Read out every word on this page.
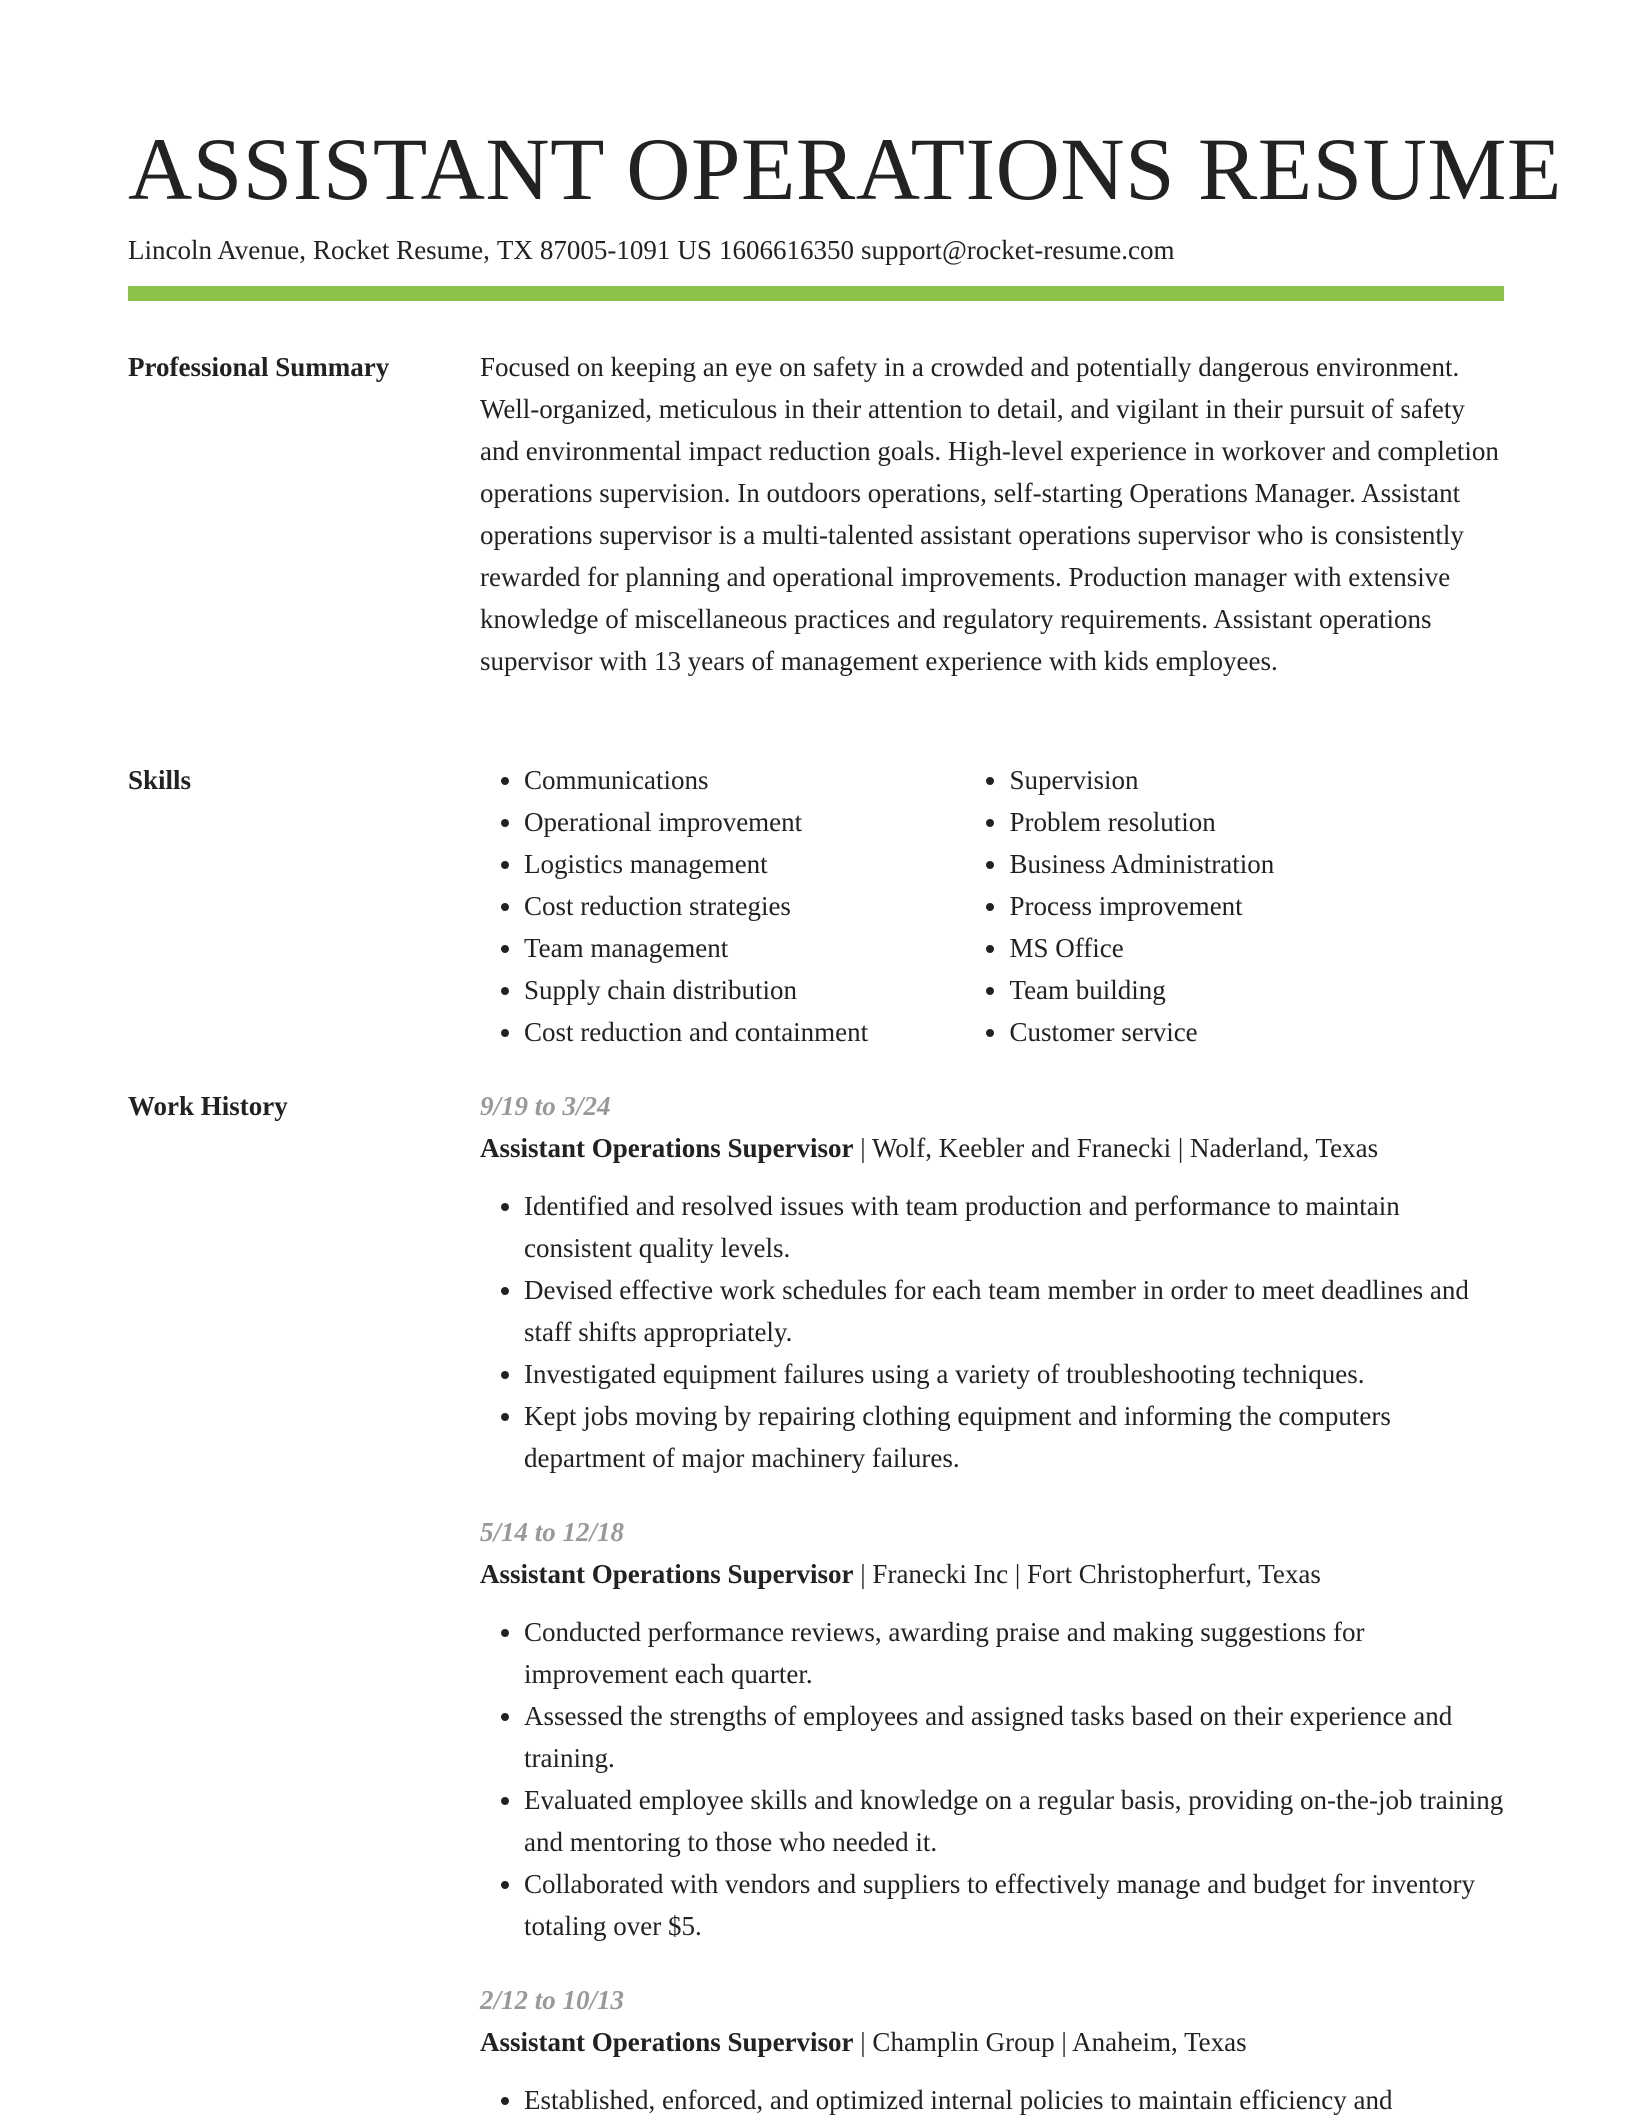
ASSISTANT OPERATIONS RESUME
Lincoln Avenue, Rocket Resume, TX 87005-1091 US 1606616350 support@rocket-resume.com
Professional Summary	Focused on keeping an eye on safety in a crowded and potentially dangerous environment. Well-organized, meticulous in their attention to detail, and vigilant in their pursuit of safety and environmental impact reduction goals. High-level experience in workover and completion operations supervision. In outdoors operations, self-starting Operations Manager. Assistant operations supervisor is a multi-talented assistant operations supervisor who is consistently rewarded for planning and operational improvements. Production manager with extensive knowledge of miscellaneous practices and regulatory requirements. Assistant operations supervisor with 13 years of management experience with kids employees.

Skills
•	Communications
• Operational improvement
• Logistics management
• Cost reduction strategies
• Team management
• Supply chain distribution
• Cost reduction and containment
• Supervision
• Problem resolution
• Business Administration
• Process improvement
• MS Office
• Team building
• Customer service
Work History	9/19 to 3/24
Assistant Operations Supervisor | Wolf, Keebler and Franecki | Naderland, Texas
• Identified and resolved issues with team production and performance to maintain consistent quality levels.
• Devised effective work schedules for each team member in order to meet deadlines and staff shifts appropriately.
• Investigated equipment failures using a variety of troubleshooting techniques.
• Kept jobs moving by repairing clothing equipment and informing the computers department of major machinery failures.
5/14 to 12/18
Assistant Operations Supervisor | Franecki Inc | Fort Christopherfurt, Texas
• Conducted performance reviews, awarding praise and making suggestions for improvement each quarter.
• Assessed the strengths of employees and assigned tasks based on their experience and training.
• Evaluated employee skills and knowledge on a regular basis, providing on-the-job training and mentoring to those who needed it.
• Collaborated with vendors and suppliers to effectively manage and budget for inventory totaling over $5.
2/12 to 10/13
Assistant Operations Supervisor | Champlin Group | Anaheim, Texas
• Established, enforced, and optimized internal policies to maintain efficiency and
